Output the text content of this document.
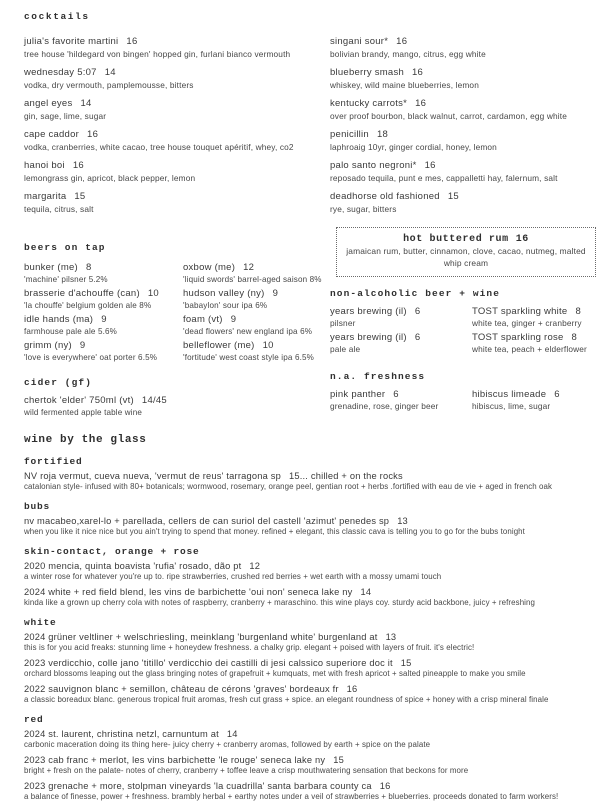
cocktails
julia's favorite martini 16
tree house 'hildegard von bingen' hopped gin, furlani bianco vermouth
wednesday 5:07 14
vodka, dry vermouth, pamplemousse, bitters
angel eyes 14
gin, sage, lime, sugar
cape caddor 16
vodka, cranberries, white cacao, tree house touquet apéritif, whey, co2
hanoi boi 16
lemongrass gin, apricot, black pepper, lemon
margarita 15
tequila, citrus, salt
singani sour* 16
bolivian brandy, mango, citrus, egg white
blueberry smash 16
whiskey, wild maine blueberries, lemon
kentucky carrots* 16
over proof bourbon, black walnut, carrot, cardamon, egg white
penicillin 18
laphroaig 10yr, ginger cordial, honey, lemon
palo santo negroni* 16
reposado tequila, punt e mes, cappalletti hay, falernum, salt
deadhorse old fashioned 15
rye, sugar, bitters
beers on tap
bunker (me) 8
'machine' pilsner 5.2%
brasserie d'achouffe (can) 10
'la chouffe' belgium golden ale 8%
idle hands (ma) 9
farmhouse pale ale 5.6%
grimm (ny) 9
'love is everywhere' oat porter 6.5%
oxbow (me) 12
'liquid swords' barrel-aged saison 8%
hudson valley (ny) 9
'babaylon' sour ipa 6%
foam (vt) 9
'dead flowers' new england ipa 6%
belleflower (me) 10
'fortitude' west coast style ipa 6.5%
cider (gf)
chertok 'elder' 750ml (vt) 14/45
wild fermented apple table wine
hot buttered rum 16
jamaican rum, butter, cinnamon, clove, cacao, nutmeg, malted whip cream
non-alcoholic beer + wine
years brewing (il) 6
pilsner
years brewing (il) 6
pale ale
TOST sparkling white 8
white tea, ginger + cranberry
TOST sparkling rose 8
white tea, peach + elderflower
n.a. freshness
pink panther 6
grenadine, rose, ginger beer
hibiscus limeade 6
hibiscus, lime, sugar
wine by the glass
fortified
NV roja vermut, cueva nueva, 'vermut de reus' tarragona sp 15... chilled + on the rocks
catalonian style- infused with 80+ botanicals; wormwood, rosemary, orange peel, gentian root + herbs .fortified with eau de vie + aged in french oak
bubs
nv macabeo,xarel-lo + parellada, cellers de can suriol del castell 'azimut' penedes sp 13
when you like it nice nice but you ain't trying to spend that money. refined + elegant, this classic cava is telling you to go for the bubs tonight
skin-contact, orange + rose
2020 mencia, quinta boavista 'rufia' rosado, dão pt 12
a winter rose for whatever you're up to. ripe strawberries, crushed red berries + wet earth with a mossy umami touch
2024 white + red field blend, les vins de barbichette 'oui non' seneca lake ny 14
kinda like a grown up cherry cola with notes of raspberry, cranberry + maraschino. this wine plays coy. sturdy acid backbone, juicy + refreshing
white
2024 grüner veltliner + welschriesling, meinklang 'burgenland white' burgenland at 13
this is for you acid freaks: stunning lime + honeydew freshness. a chalky grip. elegant + poised with layers of fruit. it's electric!
2023 verdicchio, colle jano 'titillo' verdicchio dei castilli di jesi calssico superiore doc it 15
orchard blossoms leaping out the glass bringing notes of grapefruit + kumquats, met with fresh apricot + salted pineapple to make you smile
2022 sauvignon blanc + semillon, château de cérons 'graves' bordeaux fr 16
a classic boreadux blanc. generous tropical fruit aromas, fresh cut grass + spice. an elegant roundness of spice + honey with a crisp mineral finale
red
2024 st. laurent, christina netzl, carnuntum at 14
carbonic maceration doing its thing here- juicy cherry + cranberry aromas, followed by earth + spice on the palate
2023 cab franc + merlot, les vins barbichette 'le rouge' seneca lake ny 15
bright + fresh on the palate- notes of cherry, cranberry + toffee leave a crisp mouthwatering sensation that beckons for more
2023 grenache + more, stolpman vineyards 'la cuadrilla' santa barbara county ca 16
a balance of finesse, power + freshness. brambly herbal + earthy notes under a veil of strawberries + blueberries. proceeds donated to farm workers!
